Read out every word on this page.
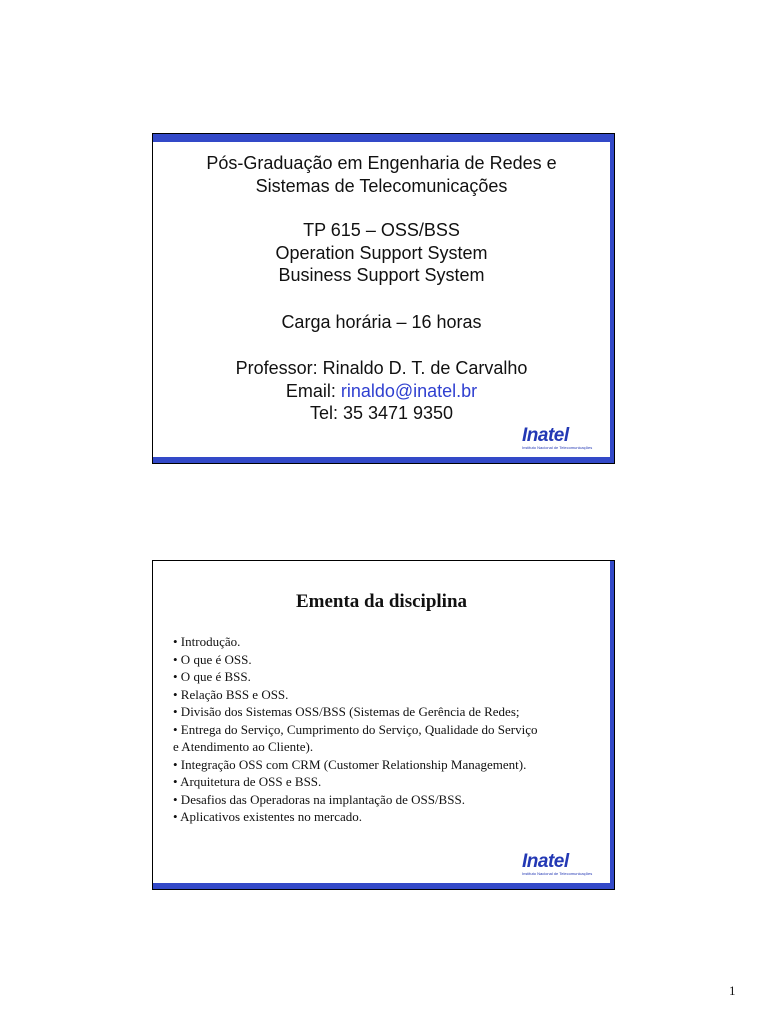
Pós-Graduação em Engenharia de Redes e
Sistemas de Telecomunicações
TP 615 – OSS/BSS
Operation Support System
Business Support System
Carga horária – 16 horas
Professor: Rinaldo D. T. de Carvalho
Email: rinaldo@inatel.br
Tel: 35 3471 9350
Inatel
Instituto Nacional de Telecomunicações
Ementa da disciplina
• Introdução.
• O que é OSS.
• O que é BSS.
• Relação BSS e OSS.
• Divisão dos Sistemas OSS/BSS (Sistemas de Gerência de Redes;
• Entrega do Serviço, Cumprimento do Serviço, Qualidade do Serviço
e Atendimento ao Cliente).
• Integração OSS com CRM (Customer Relationship Management).
• Arquitetura de OSS e BSS.
• Desafios das Operadoras na implantação de OSS/BSS.
• Aplicativos existentes no mercado.
Inatel
Instituto Nacional de Telecomunicações
1
